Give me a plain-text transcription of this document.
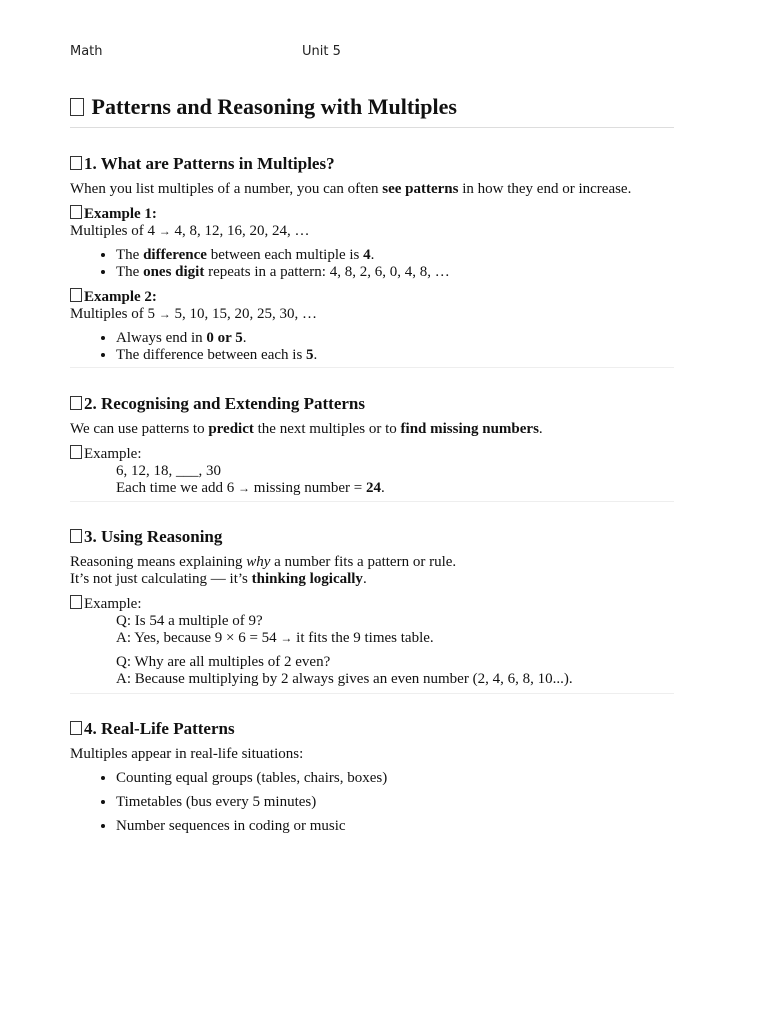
Math	Unit 5
Patterns and Reasoning with Multiples
1. What are Patterns in Multiples?

When you list multiples of a number, you can often see patterns in how they end or increase.

Example 1:

Multiples of 4 → 4, 8, 12, 16, 20, 24, …

• The difference between each multiple is 4.
• The ones digit repeats in a pattern: 4, 8, 2, 6, 0, 4, 8, …

Example 2:

Multiples of 5 → 5, 10, 15, 20, 25, 30, …

• Always end in 0 or 5.
• The difference between each is 5.
2. Recognising and Extending Patterns

We can use patterns to predict the next multiples or to find missing numbers.

Example:

6, 12, 18, ___, 30

Each time we add 6 → missing number = 24.

3. Using Reasoning

Reasoning means explaining why a number fits a pattern or rule.

It’s not just calculating — it’s thinking logically.

Example:

Q: Is 54 a multiple of 9?

A: Yes, because 9 × 6 = 54 → it fits the 9 times table.

Q: Why are all multiples of 2 even?

A: Because multiplying by 2 always gives an even number (2, 4, 6, 8, 10...).

4. Real-Life Patterns

Multiples appear in real-life situations:

• Counting equal groups (tables, chairs, boxes)
• Timetables (bus every 5 minutes)
• Number sequences in coding or music
